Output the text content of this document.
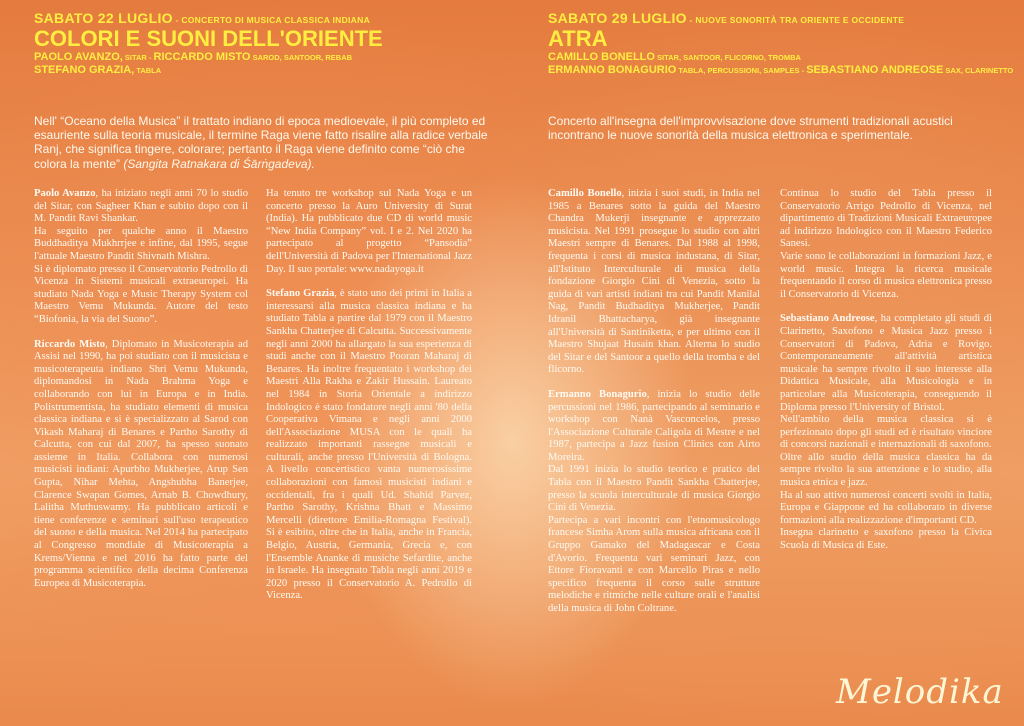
SABATO 22 LUGLIO - CONCERTO DI MUSICA CLASSICA INDIANA
COLORI E SUONI DELL'ORIENTE
PAOLO AVANZO, SITAR - RICCARDO MISTO SAROD, SANTOOR, REBAB
STEFANO GRAZIA, TABLA
SABATO 29 LUGLIO - NUOVE SONORITÀ TRA ORIENTE E OCCIDENTE
ATRA
CAMILLO BONELLO SITAR, SANTOOR, FLICORNO, TROMBA
ERMANNO BONAGURIO TABLA, PERCUSSIONI, SAMPLES - SEBASTIANO ANDREOSE SAX, CLARINETTO
Nell' “Oceano della Musica” il trattato indiano di epoca medioevale, il più completo ed esauriente sulla teoria musicale, il termine Raga viene fatto risalire alla radice verbale Ranj, che significa tingere, colorare; pertanto il Raga viene definito come “ciò che colora la mente” (Sangita Ratnakara di Śārṅgadeva).
Concerto all'insegna dell'improvvisazione dove strumenti tradizionali acustici incontrano le nuove sonorità della musica elettronica e sperimentale.

Paolo Avanzo, ha iniziato negli anni 70 lo studio del Sitar, con Sagheer Khan e subito dopo con il M. Pandit Ravi Shankar.
Ha seguito per qualche anno il Maestro Buddhaditya Mukhrrjee e infine, dal 1995, segue l'attuale Maestro Pandit Shivnath Mishra.
Si è diplomato presso il Conservatorio Pedrollo di Vicenza in Sistemi musicali extraeuropei. Ha studiato Nada Yoga e Music Therapy System col Maestro Vemu Mukunda. Autore del testo “Biofonia, la via del Suono”.

Riccardo Misto, Diplomato in Musicoterapia ad Assisi nel 1990, ha poi studiato con il musicista e musicoterapeuta indiano Shri Vemu Mukunda, diplomandosi in Nada Brahma Yoga e collaborando con lui in Europa e in India. Polistrumentista, ha studiato elementi di musica classica indiana e si è specializzato al Sarod con Vikash Maharaj di Benares e Partho Sarothy di Calcutta, con cui dal 2007, ha spesso suonato assieme in Italia. Collabora con numerosi musicisti indiani: Apurbho Mukherjee, Arup Sen Gupta, Nihar Mehta, Angshubha Banerjee, Clarence Swapan Gomes, Arnab B. Chowdhury, Lalitha Muthuswamy. Ha pubblicato articoli e tiene conferenze e seminari sull'uso terapeutico del suono e della musica. Nel 2014 ha partecipato al Congresso mondiale di Musicoterapia a Krems/Vienna e nel 2016 ha fatto parte del programma scientifico della decima Conferenza Europea di Musicoterapia.

Ha tenuto tre workshop sul Nada Yoga e un concerto presso la Auro University di Surat (India). Ha pubblicato due CD di world music “New India Company” vol. I e 2. Nel 2020 ha partecipato al progetto “Pansodia” dell'Università di Padova per l'International Jazz Day. Il suo portale: www.nadayoga.it

Stefano Grazia, è stato uno dei primi in Italia a interessarsi alla musica classica indiana e ha studiato Tabla a partire dal 1979 con il Maestro Sankha Chatterjee di Calcutta. Successivamente negli anni 2000 ha allargato la sua esperienza di studi anche con il Maestro Pooran Maharaj di Benares. Ha inoltre frequentato i workshop dei Maestri Alla Rakha e Zakir Hussain. Laureato nel 1984 in Storia Orientale a indirizzo Indologico è stato fondatore negli anni '80 della Cooperativa Vimana e negli anni 2000 dell'Associazione MUSA con le quali ha realizzato importanti rassegne musicali e culturali, anche presso l'Università di Bologna. A livello concertistico vanta numerosissime collaborazioni con famosi musicisti indiani e occidentali, fra i quali Ud. Shahid Parvez, Partho Sarothy, Krishna Bhatt e Massimo Mercelli (direttore Emilia-Romagna Festival). Si è esibito, oltre che in Italia, anche in Francia, Belgio, Austria, Germania, Grecia e, con l'Ensemble Ananke di musiche Sefardite, anche in Israele. Ha insegnato Tabla negli anni 2019 e 2020 presso il Conservatorio A. Pedrollo di Vicenza.

Camillo Bonello, inizia i suoi studi, in India nel 1985 a Benares sotto la guida del Maestro Chandra Mukerji insegnante e apprezzato musicista. Nel 1991 prosegue lo studio con altri Maestri sempre di Benares. Dal 1988 al 1998, frequenta i corsi di musica industana, di Sitar, all'Istituto Interculturale di musica della fondazione Giorgio Cini di Venezia, sotto la guida di vari artisti indiani tra cui Pandit Manilal Nag, Pandit Budhaditya Mukherjee, Pandit Idranil Bhattacharya, già insegnante all'Università di Santiniketta, e per ultimo con il Maestro Shujaat Husain khan. Alterna lo studio del Sitar e del Santoor a quello della tromba e del flicorno.

Ermanno Bonagurio, inizia lo studio delle percussioni nel 1986, partecipando al seminario e workshop con Nanà Vasconcelos, presso l'Associazione Culturale Caligola di Mestre e nel 1987, partecipa a Jazz fusion Clinics con Airto Moreira.
Dal 1991 inizia lo studio teorico e pratico del Tabla con il Maestro Pandit Sankha Chatterjee, presso la scuola interculturale di musica Giorgio Cini di Venezia.
Partecipa a vari incontri con l'etnomusicologo francese Simha Arom sulla musica africana con il Gruppo Gamako del Madagascar e Costa d'Avorio. Frequenta vari seminari Jazz, con Ettore Fioravanti e con Marcello Piras e nello specifico frequenta il corso sulle strutture melodiche e ritmiche nelle culture orali e l'analisi della musica di John Coltrane.

Continua lo studio del Tabla presso il Conservatorio Arrigo Pedrollo di Vicenza, nel dipartimento di Tradizioni Musicali Extraeuropee ad indirizzo Indologico con il Maestro Federico Sanesi.
Varie sono le collaborazioni in formazioni Jazz, e world music. Integra la ricerca musicale frequentando il corso di musica elettronica presso il Conservatorio di Vicenza.

Sebastiano Andreose, ha completato gli studi di Clarinetto, Saxofono e Musica Jazz presso i Conservatori di Padova, Adria e Rovigo. Contemporaneamente all'attività artistica musicale ha sempre rivolto il suo interesse alla Didattica Musicale, alla Musicologia e in particolare alla Musicoterapia, conseguendo il Diploma presso l'University of Bristol.
Nell'ambito della musica classica si è perfezionato dopo gli studi ed è risultato vinciore di concorsi nazionali e internazionali di saxofono.
Oltre allo studio della musica classica ha da sempre rivolto la sua attenzione e lo studio, alla musica etnica e jazz.
Ha al suo attivo numerosi concerti svolti in Italia, Europa e Giappone ed ha collaborato in diverse formazioni alla realizzazione d'importanti CD.
Insegna clarinetto e saxofono presso la Civica Scuola di Musica di Este.

Melodika
